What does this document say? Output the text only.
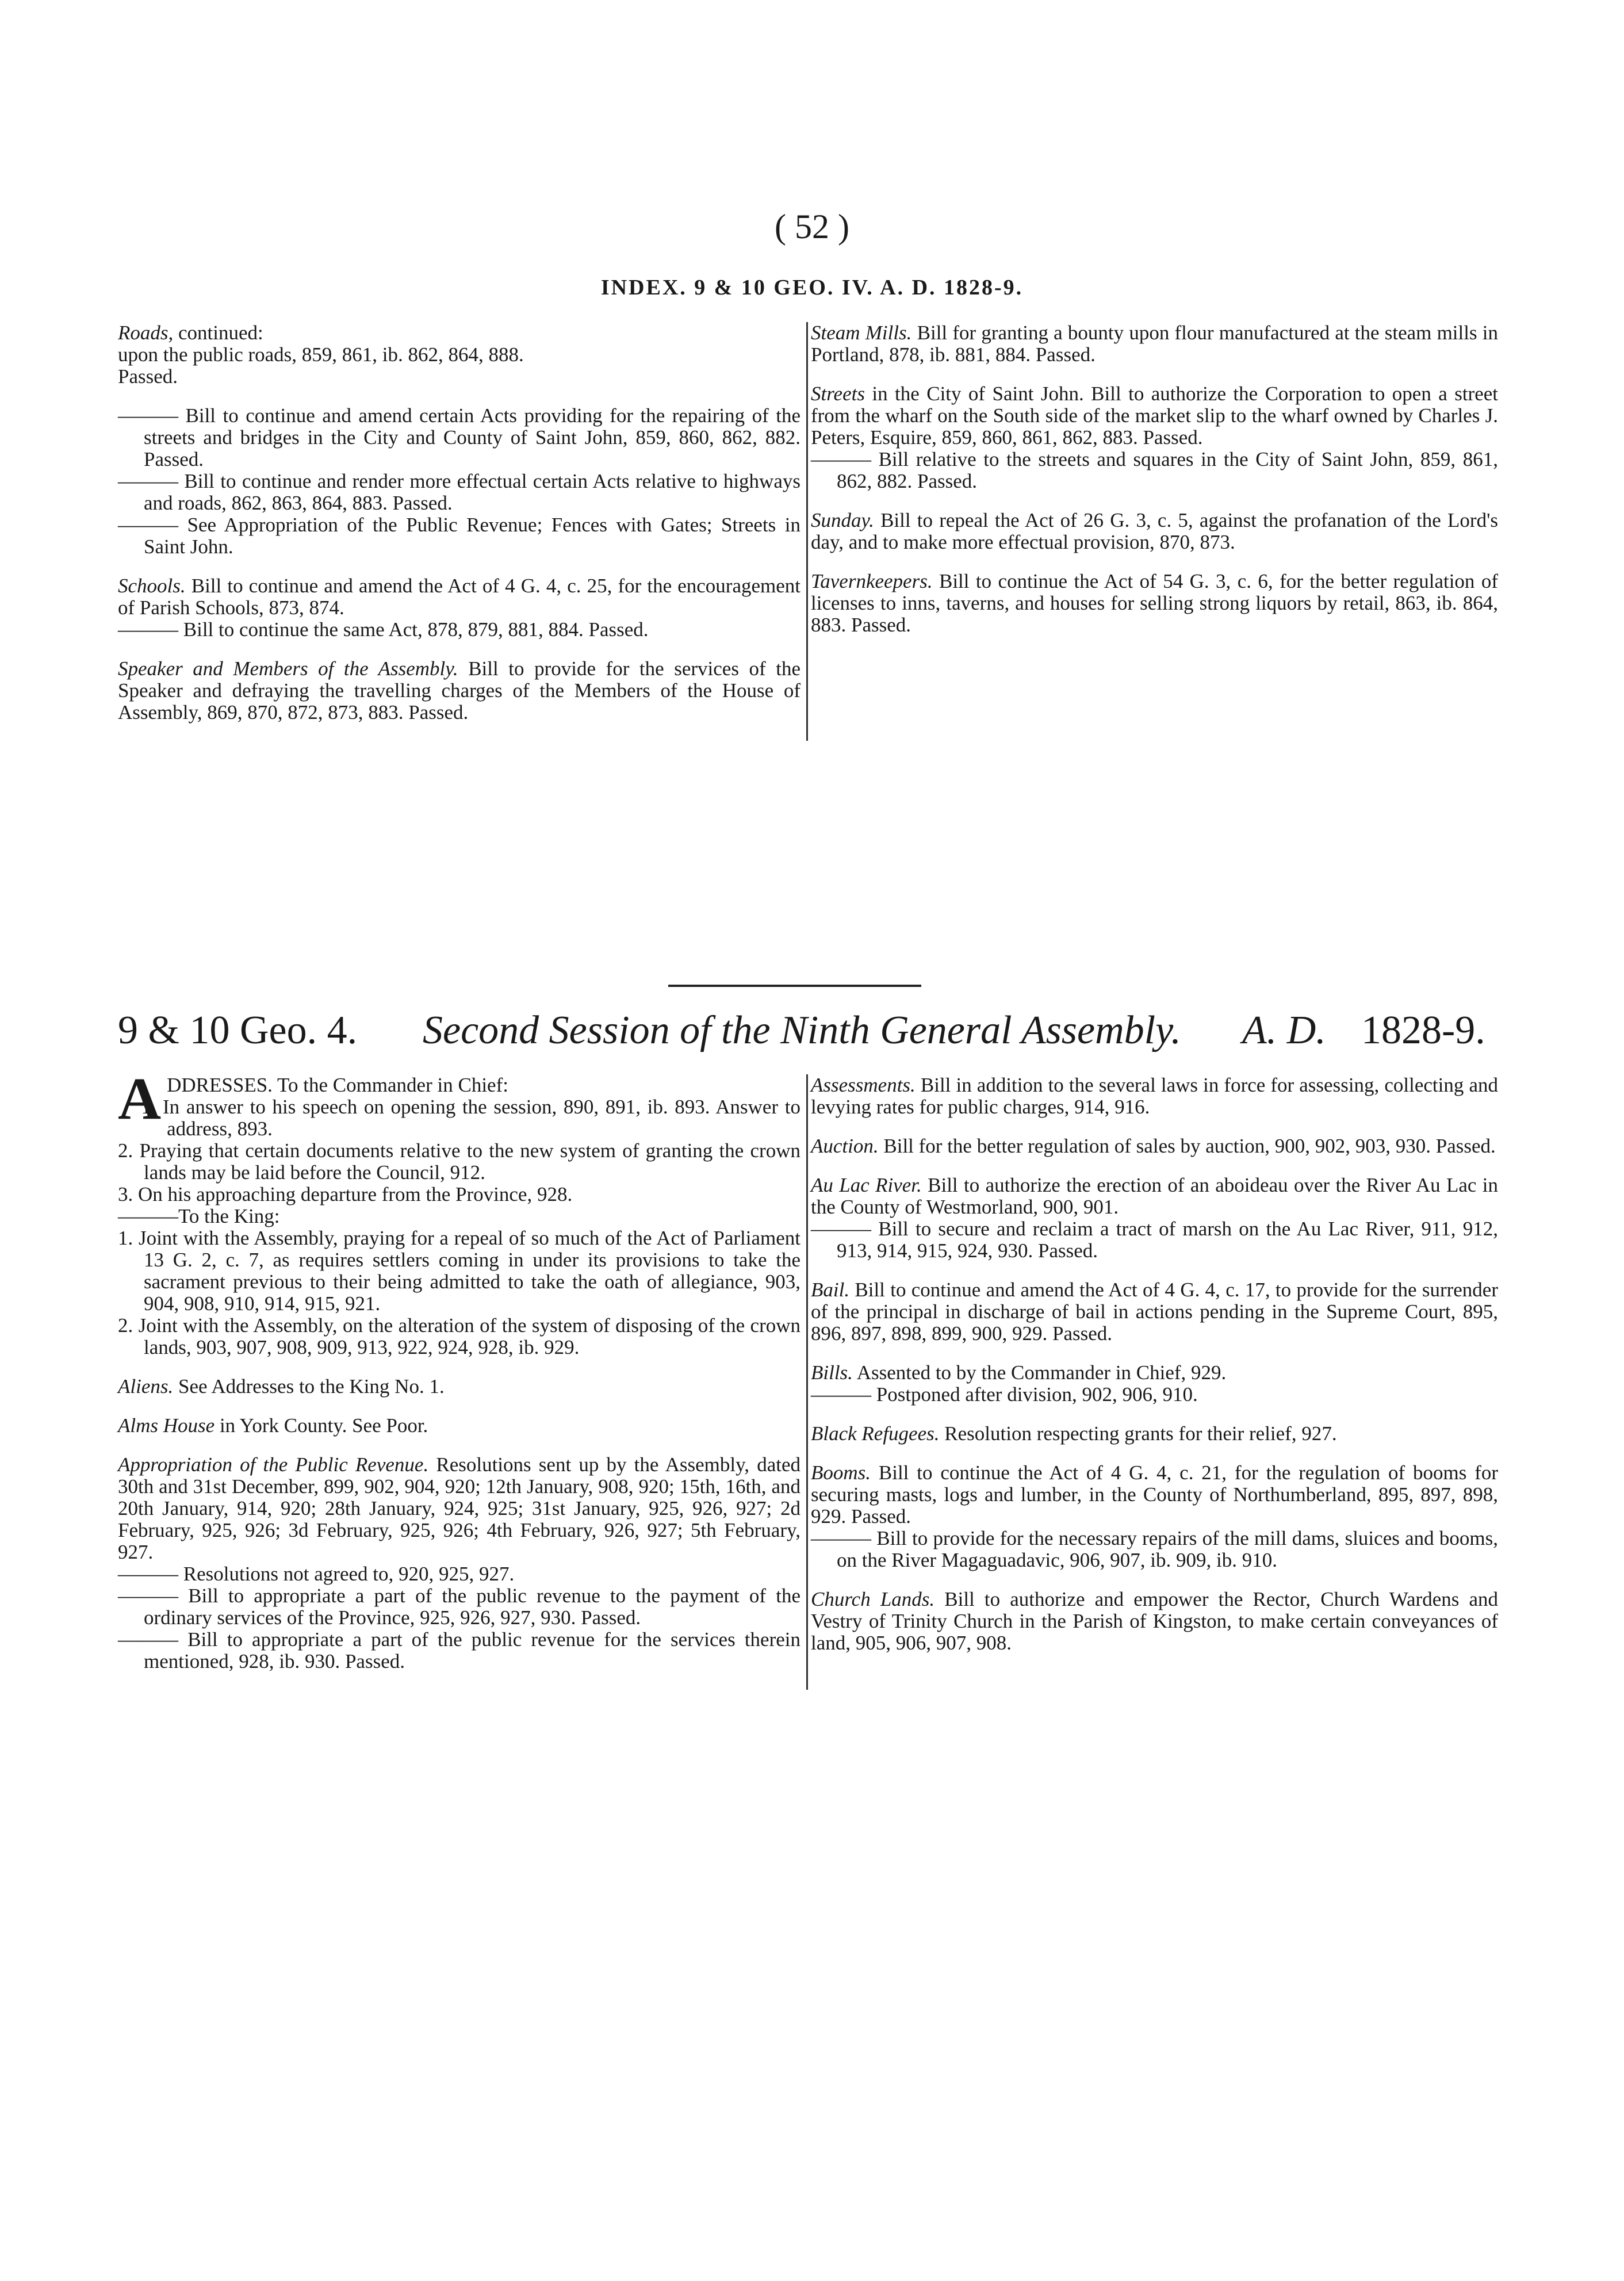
( 52 )
INDEX. 9 & 10 GEO. IV. A. D. 1828-9.

Roads, continued:

upon the public roads, 859, 861, ib. 862, 864, 888.

Passed.

——— Bill to continue and amend certain Acts providing for the repairing of the streets and bridges in the City and County of Saint John, 859, 860, 862, 882. Passed.

——— Bill to continue and render more effectual certain Acts relative to highways and roads, 862, 863, 864, 883. Passed.

——— See Appropriation of the Public Revenue; Fences with Gates; Streets in Saint John.

Schools. Bill to continue and amend the Act of 4 G. 4, c. 25, for the encouragement of Parish Schools, 873, 874.

——— Bill to continue the same Act, 878, 879, 881, 884. Passed.

Speaker and Members of the Assembly. Bill to provide for the services of the Speaker and defraying the travelling charges of the Members of the House of Assembly, 869, 870, 872, 873, 883. Passed.

Steam Mills. Bill for granting a bounty upon flour manufactured at the steam mills in Portland, 878, ib. 881, 884. Passed.

Streets in the City of Saint John. Bill to authorize the Corporation to open a street from the wharf on the South side of the market slip to the wharf owned by Charles J. Peters, Esquire, 859, 860, 861, 862, 883. Passed.

——— Bill relative to the streets and squares in the City of Saint John, 859, 861, 862, 882. Passed.

Sunday. Bill to repeal the Act of 26 G. 3, c. 5, against the profanation of the Lord's day, and to make more effectual provision, 870, 873.

Tavernkeepers. Bill to continue the Act of 54 G. 3, c. 6, for the better regulation of licenses to inns, taverns, and houses for selling strong liquors by retail, 863, ib. 864, 883. Passed.

9 & 10 Geo. 4. Second Session of the Ninth General Assembly. A. D. 1828-9.

ADDRESSES. To the Commander in Chief:

1. In answer to his speech on opening the session, 890, 891, ib. 893. Answer to address, 893.

2. Praying that certain documents relative to the new system of granting the crown lands may be laid before the Council, 912.

3. On his approaching departure from the Province, 928.

———To the King:

1. Joint with the Assembly, praying for a repeal of so much of the Act of Parliament 13 G. 2, c. 7, as requires settlers coming in under its provisions to take the sacrament previous to their being admitted to take the oath of allegiance, 903, 904, 908, 910, 914, 915, 921.

2. Joint with the Assembly, on the alteration of the system of disposing of the crown lands, 903, 907, 908, 909, 913, 922, 924, 928, ib. 929.

Aliens. See Addresses to the King No. 1.

Alms House in York County. See Poor.

Appropriation of the Public Revenue. Resolutions sent up by the Assembly, dated 30th and 31st December, 899, 902, 904, 920; 12th January, 908, 920; 15th, 16th, and 20th January, 914, 920; 28th January, 924, 925; 31st January, 925, 926, 927; 2d February, 925, 926; 3d February, 925, 926; 4th February, 926, 927; 5th February, 927.

——— Resolutions not agreed to, 920, 925, 927.

——— Bill to appropriate a part of the public revenue to the payment of the ordinary services of the Province, 925, 926, 927, 930. Passed.

——— Bill to appropriate a part of the public revenue for the services therein mentioned, 928, ib. 930. Passed.

Assessments. Bill in addition to the several laws in force for assessing, collecting and levying rates for public charges, 914, 916.

Auction. Bill for the better regulation of sales by auction, 900, 902, 903, 930. Passed.

Au Lac River. Bill to authorize the erection of an aboideau over the River Au Lac in the County of Westmorland, 900, 901.

——— Bill to secure and reclaim a tract of marsh on the Au Lac River, 911, 912, 913, 914, 915, 924, 930. Passed.

Bail. Bill to continue and amend the Act of 4 G. 4, c. 17, to provide for the surrender of the principal in discharge of bail in actions pending in the Supreme Court, 895, 896, 897, 898, 899, 900, 929. Passed.

Bills. Assented to by the Commander in Chief, 929.

——— Postponed after division, 902, 906, 910.

Black Refugees. Resolution respecting grants for their relief, 927.

Booms. Bill to continue the Act of 4 G. 4, c. 21, for the regulation of booms for securing masts, logs and lumber, in the County of Northumberland, 895, 897, 898, 929. Passed.

——— Bill to provide for the necessary repairs of the mill dams, sluices and booms, on the River Magaguadavic, 906, 907, ib. 909, ib. 910.

Church Lands. Bill to authorize and empower the Rector, Church Wardens and Vestry of Trinity Church in the Parish of Kingston, to make certain conveyances of land, 905, 906, 907, 908.
